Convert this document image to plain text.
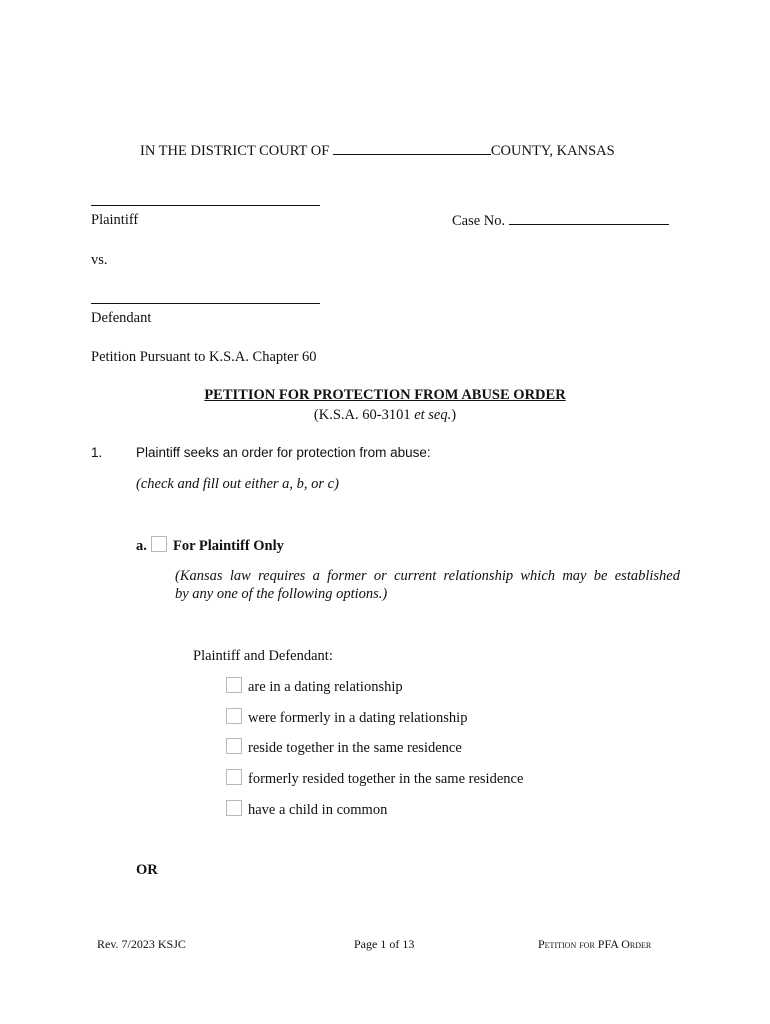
IN THE DISTRICT COURT OF	COUNTY, KANSAS
Plaintiff	Case No.
vs.
Defendant
Petition Pursuant to K.S.A. Chapter 60
PETITION FOR PROTECTION FROM ABUSE ORDER
(K.S.A. 60-3101 et seq.)
1. Plaintiff seeks an order for protection from abuse:
(check and fill out either a, b, or c)
a. For Plaintiff Only
(Kansas law requires a former or current relationship which may be established
by any one of the following options.)
Plaintiff and Defendant:
are in a dating relationship
were formerly in a dating relationship
reside together in the same residence
formerly resided together in the same residence
have a child in common
OR
Rev. 7/2023 KSJC	Page 1 of 13	Petition for PFA Order
